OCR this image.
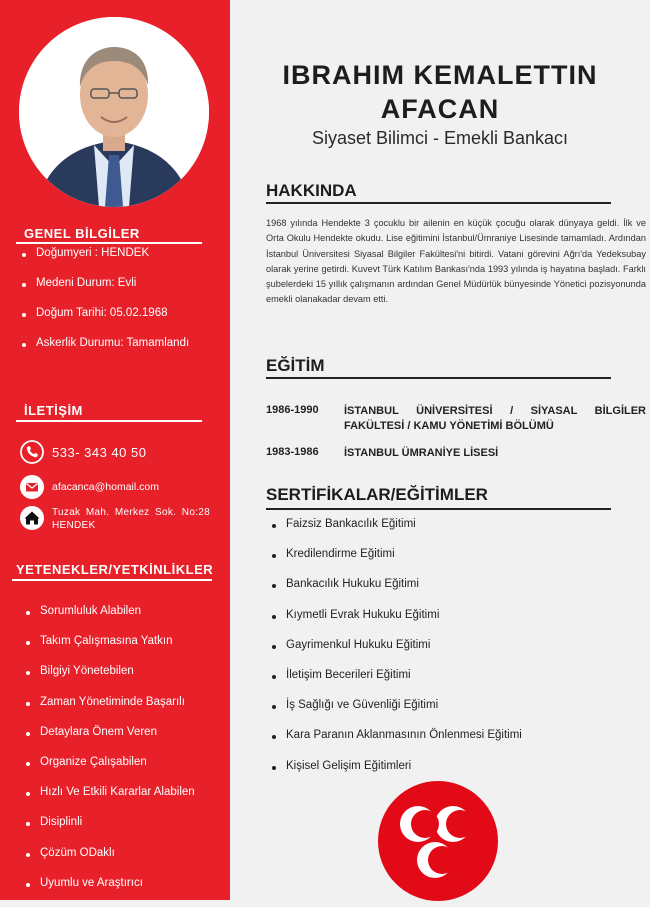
GENEL BİLGİLER
Doğumyeri : HENDEK
Medeni Durum: Evli
Doğum Tarihi: 05.02.1968
Askerlik Durumu: Tamamlandı
İLETİŞİM
533- 343 40 50
afacanca@homail.com
Tuzak Mah. Merkez Sok. No:28 HENDEK
YETENEKLER/YETKİNLİKLER
Sorumluluk Alabilen
Takım Çalışmasına Yatkın
Bilgiyi Yönetebilen
Zaman Yönetiminde Başarılı
Detaylara Önem Veren
Organize Çalışabilen
Hızlı Ve Etkili Kararlar Alabilen
Disiplinli
Çözüm ODaklı
Uyumlu ve Araştırıcı
IBRAHIM KEMALETTIN
AFACAN
Siyaset Bilimci - Emekli Bankacı
HAKKINDA
1968 yılında Hendekte 3 çocuklu bir ailenin en küçük çocuğu olarak dünyaya geldi. İlk ve Orta Okulu Hendekte okudu. Lise eğitimini İstanbul/Ümraniye Lisesinde tamamladı. Ardından İstanbul Üniversitesi Siyasal Bilgiler Fakültesi'ni bitirdi. Vatani görevini Ağrı'da Yedeksubay olarak yerine getirdi. Kuvevt Türk Katılım Bankası'nda 1993 yılında iş hayatına başladı. Farklı şubelerdeki 15 yıllık çalışmanın ardından Genel Müdürlük bünyesinde Yönetici pozisyonunda emekli olanakadar devam etti.
EĞİTİM
1986-1990	İSTANBUL ÜNİVERSİTESİ / SİYASAL BİLGİLER FAKÜLTESİ / KAMU YÖNETİMİ BÖLÜMÜ
1983-1986	İSTANBUL ÜMRANİYE LİSESİ
SERTİFİKALAR/EĞİTİMLER
Faizsiz Bankacılık Eğitimi
Kredilendirme Eğitimi
Bankacılık Hukuku Eğitimi
Kıymetli Evrak Hukuku Eğitimi
Gayrimenkul Hukuku Eğitimi
İletişim Becerileri Eğitimi
İş Sağlığı ve Güvenliği Eğitimi
Kara Paranın Aklanmasının Önlenmesi Eğitimi
Kişisel Gelişim Eğitimleri
